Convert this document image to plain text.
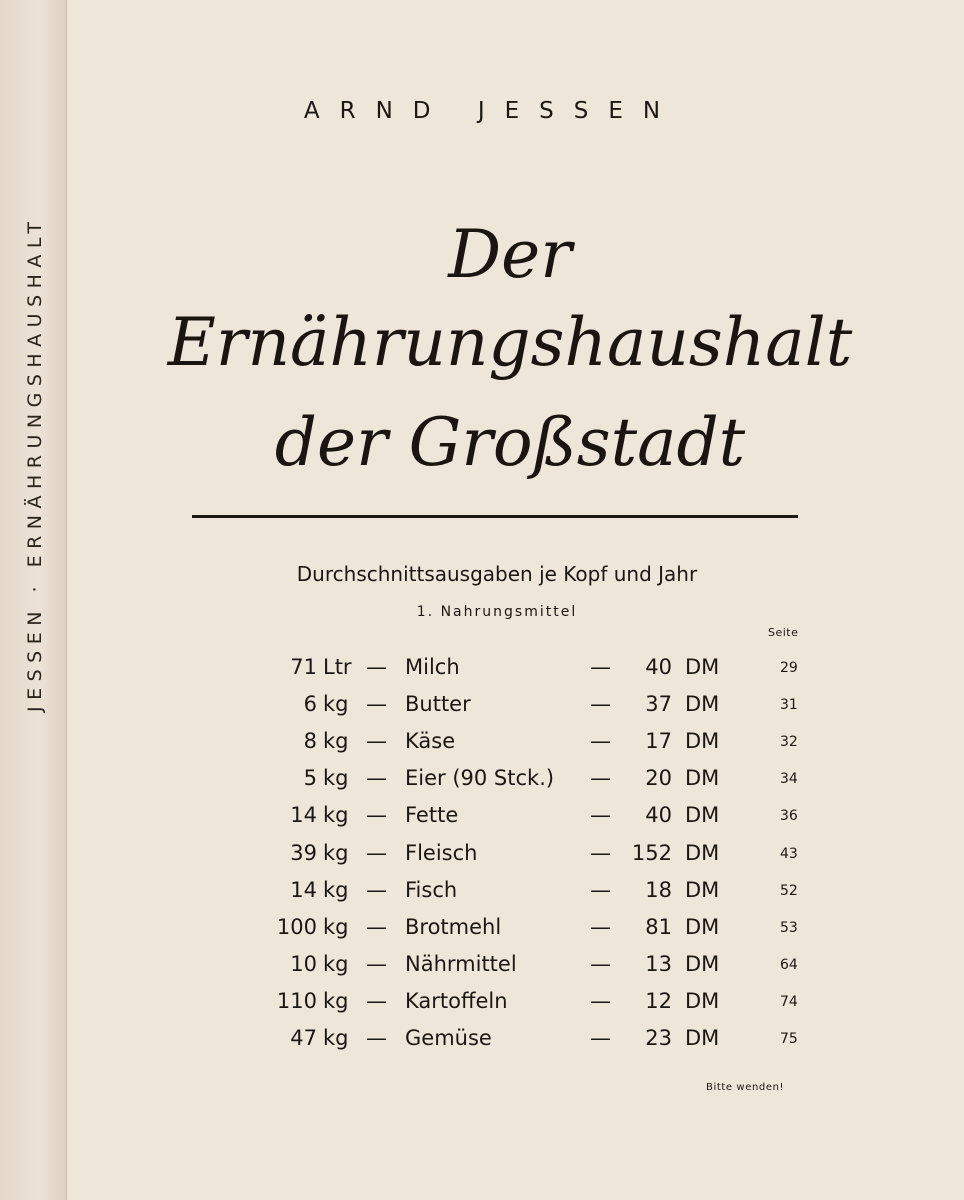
JESSEN · ERNÄHRUNGSHAUSHALT
ARND JESSEN
Der
Ernährungshaushalt
der Großstadt
Durchschnittsausgaben je Kopf und Jahr
1. Nahrungsmittel
Seite
71 Ltr — Milch	— 40 DM	29
6 kg — Butter	— 37 DM	31
8 kg — Käse	— 17 DM	32
5 kg — Eier (90 Stck.) — 20 DM	34
14 kg — Fette	— 40 DM	36
39 kg — Fleisch	— 152 DM	43
14 kg — Fisch	— 18 DM	52
100 kg — Brotmehl	— 81 DM	53
10 kg — Nährmittel	— 13 DM	64
110 kg — Kartoffeln	— 12 DM	74
47 kg — Gemüse	— 23 DM	75
Bitte wenden!
